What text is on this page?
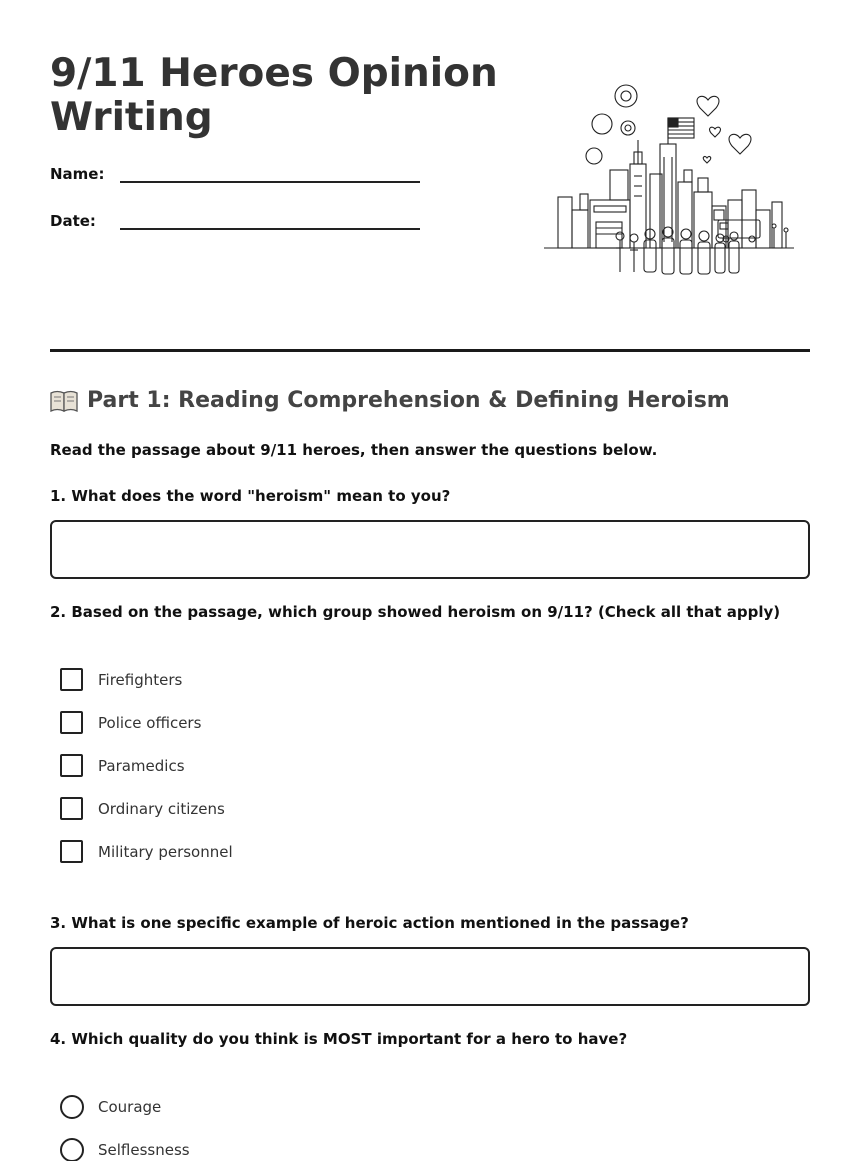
9/11 Heroes Opinion Writing
Name:
Date:
Part 1: Reading Comprehension & Defining Heroism

Read the passage about 9/11 heroes, then answer the questions below.

1. What does the word "heroism" mean to you?

2. Based on the passage, which group showed heroism on 9/11? (Check all that apply)

Firefighters
Police officers
Paramedics
Ordinary citizens
Military personnel

3. What is one specific example of heroic action mentioned in the passage?

4. Which quality do you think is MOST important for a hero to have?

Courage
Selflessness
